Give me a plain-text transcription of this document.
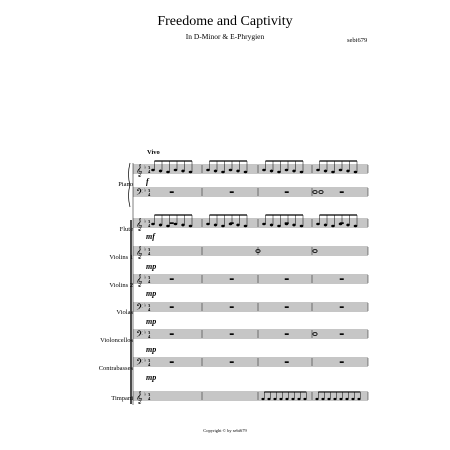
Freedome and Captivity
In D-Minor & E-Phrygien	sebi679
Vivo
Piano
Flute
Violins 1
Violins 2
Violas
Violoncellos
Contrabasses
Timpani
f
mf
mp
mp
mp
mp
mp
𝄞 ♭ 3
4
𝄢 ♭ 3
4
𝄞 ♭ 3
4
𝄞 ♭ 3
4
𝄞 ♭ 3
4
𝄢 ♭ 3
4
𝄢 ♭ 3
4
𝄢 ♭ 3
4
𝄞 ♭ 3
4
Copyright © by sebi679
